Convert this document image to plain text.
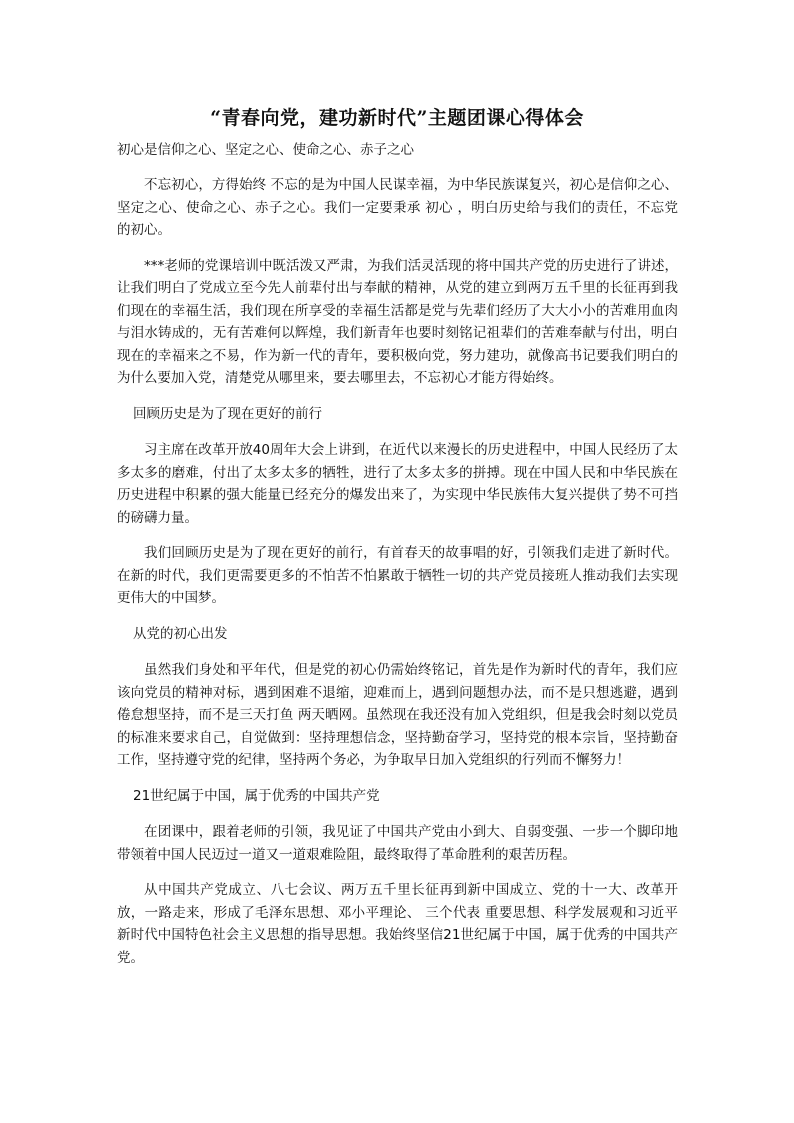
“青春向党，建功新时代”主题团课心得体会
初心是信仰之心、坚定之心、使命之心、赤子之心

不忘初心，方得始终 不忘的是为中国人民谋幸福，为中华民族谋复兴，初心是信仰之心、坚定之心、使命之心、赤子之心。我们一定要秉承 初心 ，明白历史给与我们的责任，不忘党的初心。

***老师的党课培训中既活泼又严肃，为我们活灵活现的将中国共产党的历史进行了讲述，让我们明白了党成立至今先人前辈付出与奉献的精神，从党的建立到两万五千里的长征再到我们现在的幸福生活，我们现在所享受的幸福生活都是党与先辈们经历了大大小小的苦难用血肉与泪水铸成的，无有苦难何以辉煌，我们新青年也要时刻铭记祖辈们的苦难奉献与付出，明白现在的幸福来之不易，作为新一代的青年，要积极向党，努力建功，就像高书记要我们明白的为什么要加入党，清楚党从哪里来，要去哪里去，不忘初心才能方得始终。

回顾历史是为了现在更好的前行

习主席在改革开放40周年大会上讲到，在近代以来漫长的历史进程中，中国人民经历了太多太多的磨难，付出了太多太多的牺牲，进行了太多太多的拼搏。现在中国人民和中华民族在历史进程中积累的强大能量已经充分的爆发出来了，为实现中华民族伟大复兴提供了势不可挡的磅礴力量。

我们回顾历史是为了现在更好的前行，有首春天的故事唱的好，引领我们走进了新时代。在新的时代，我们更需要更多的不怕苦不怕累敢于牺牲一切的共产党员接班人推动我们去实现更伟大的中国梦。

从党的初心出发

虽然我们身处和平年代，但是党的初心仍需始终铭记，首先是作为新时代的青年，我们应该向党员的精神对标，遇到困难不退缩，迎难而上，遇到问题想办法，而不是只想逃避，遇到倦怠想坚持，而不是三天打鱼 两天晒网。虽然现在我还没有加入党组织，但是我会时刻以党员的标准来要求自己，自觉做到：坚持理想信念，坚持勤奋学习，坚持党的根本宗旨，坚持勤奋工作，坚持遵守党的纪律，坚持两个务必，为争取早日加入党组织的行列而不懈努力！

21世纪属于中国，属于优秀的中国共产党

在团课中，跟着老师的引领，我见证了中国共产党由小到大、自弱变强、一步一个脚印地带领着中国人民迈过一道又一道艰难险阻，最终取得了革命胜利的艰苦历程。

从中国共产党成立、八七会议、两万五千里长征再到新中国成立、党的十一大、改革开放，一路走来，形成了毛泽东思想、邓小平理论、 三个代表 重要思想、科学发展观和习近平新时代中国特色社会主义思想的指导思想。我始终坚信21世纪属于中国，属于优秀的中国共产党。
